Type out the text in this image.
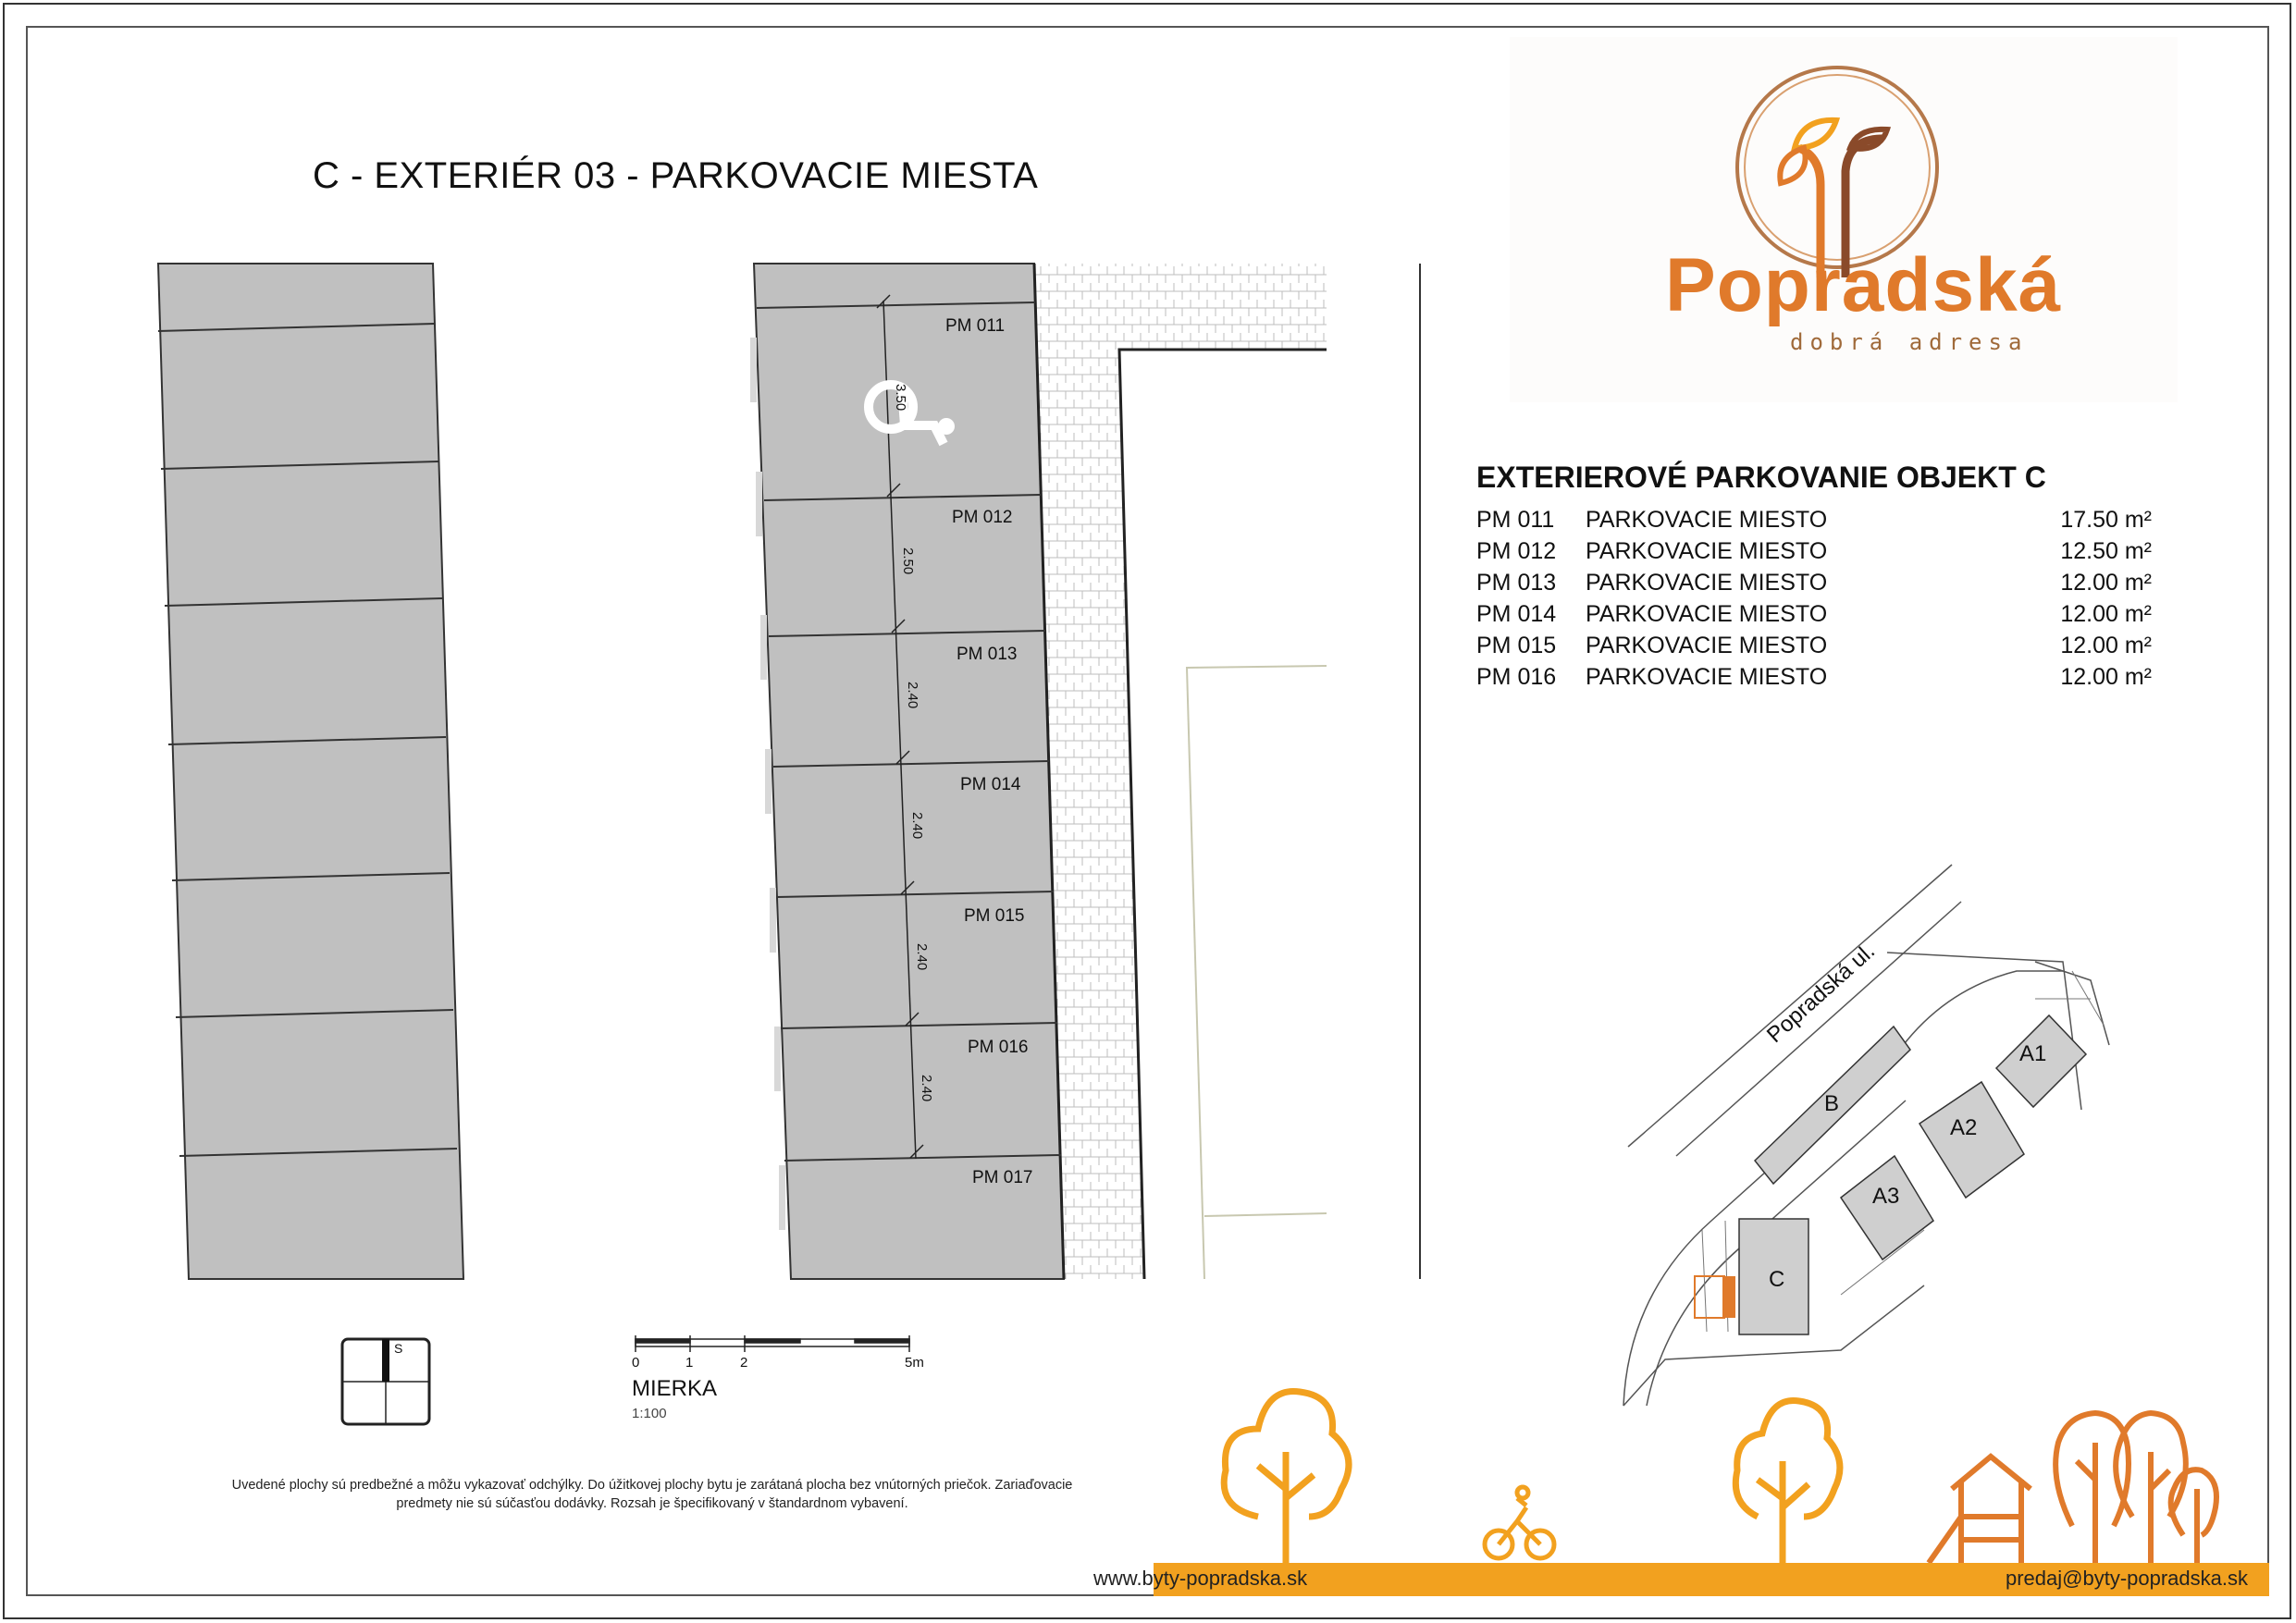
C - EXTERIÉR 03 - PARKOVACIE MIESTA
Popradská
dobrá adresa
PM 011
PM 012
PM 013
PM 014
PM 015
PM 016
PM 017
3.50
2.50
2.40
2.40
2.40
2.40
EXTERIEROVÉ PARKOVANIE OBJEKT C
PM 011 PARKOVACIE MIESTO	17.50 m²
PM 012 PARKOVACIE MIESTO	12.50 m²
PM 013 PARKOVACIE MIESTO	12.00 m²
PM 014 PARKOVACIE MIESTO	12.00 m²
PM 015 PARKOVACIE MIESTO	12.00 m²
PM 016 PARKOVACIE MIESTO	12.00 m²
Popradská ul.
B
A1
A2
A3
C
S
0	1	2	5m
MIERKA
1:100
Uvedené plochy sú predbežné a môžu vykazovať odchýlky. Do úžitkovej plochy bytu je zarátaná plocha bez vnútorných priečok. Zariaďovacie predmety nie sú súčasťou dodávky. Rozsah je špecifikovaný v štandardnom vybavení.
www.byty-popradska.sk	predaj@byty-popradska.sk
